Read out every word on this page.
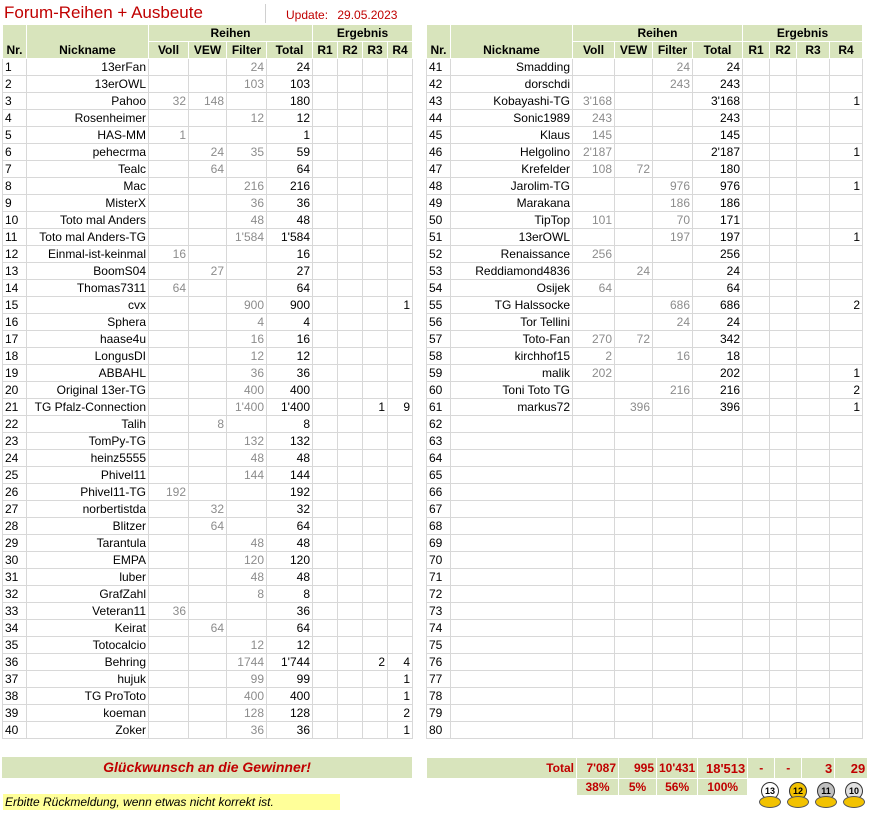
Forum-Reihen + Ausbeute	Update: 29.05.2023
Nr.	Nickname	Reihen				Ergebnis			
		Voll	VEW	Filter	Total	R1	R2	R3	R4
1	13erFan			24	24				
2	13erOWL			103	103				
3	Pahoo	32	148		180				
4	Rosenheimer			12	12				
5	HAS-MM	1			1				
6	pehecrma		24	35	59				
7	Tealc		64		64				
8	Mac			216	216				
9	MisterX			36	36				
10	Toto mal Anders			48	48				
11	Toto mal Anders-TG			1'584	1'584				
12	Einmal-ist-keinmal	16			16				
13	BoomS04		27		27				
14	Thomas7311	64			64				
15	cvx			900	900				1
16	Sphera			4	4				
17	haase4u			16	16				
18	LongusDI			12	12				
19	ABBAHL			36	36				
20	Original 13er-TG			400	400				
21	TG Pfalz-Connection			1'400	1'400			1	9
22	Talih		8		8				
23	TomPy-TG			132	132				
24	heinz5555			48	48				
25	Phivel11			144	144				
26	Phivel11-TG	192			192				
27	norbertistda		32		32				
28	Blitzer		64		64				
29	Tarantula			48	48				
30	EMPA			120	120				
31	luber			48	48				
32	GrafZahl			8	8				
33	Veteran11	36			36				
34	Keirat		64		64				
35	Totocalcio			12	12				
36	Behring			1744	1'744			2	4
37	hujuk			99	99				1
38	TG ProToto			400	400				1
39	koeman			128	128				2
40	Zoker			36	36				1
Nr.	Nickname	Reihen				Ergebnis			
		Voll	VEW	Filter	Total	R1	R2	R3	R4
41	Smadding			24	24				
42	dorschdi			243	243				
43	Kobayashi-TG	3'168			3'168				1
44	Sonic1989	243			243				
45	Klaus	145			145				
46	Helgolino	2'187			2'187				1
47	Krefelder	108	72		180				
48	Jarolim-TG			976	976				1
49	Marakana			186	186				
50	TipTop	101		70	171				
51	13erOWL			197	197				1
52	Renaissance	256			256				
53	Reddiamond4836		24		24				
54	Osijek	64			64				
55	TG Halssocke			686	686				2
56	Tor Tellini			24	24				
57	Toto-Fan	270	72		342				
58	kirchhof15	2		16	18				
59	malik	202			202				1
60	Toni Toto TG			216	216				2
61	markus72		396		396				1
62									
63									
64									
65									
66									
67									
68									
69									
70									
71									
72									
73									
74									
75									
76									
77									
78									
79									
80									
Glückwunsch an die Gewinner!
Erbitte Rückmeldung, wenn etwas nicht korrekt ist.
Total	7'087	995	10'431	18'513	-	-	3	29
	38%	5%	56%	100%					13	12	11	10
